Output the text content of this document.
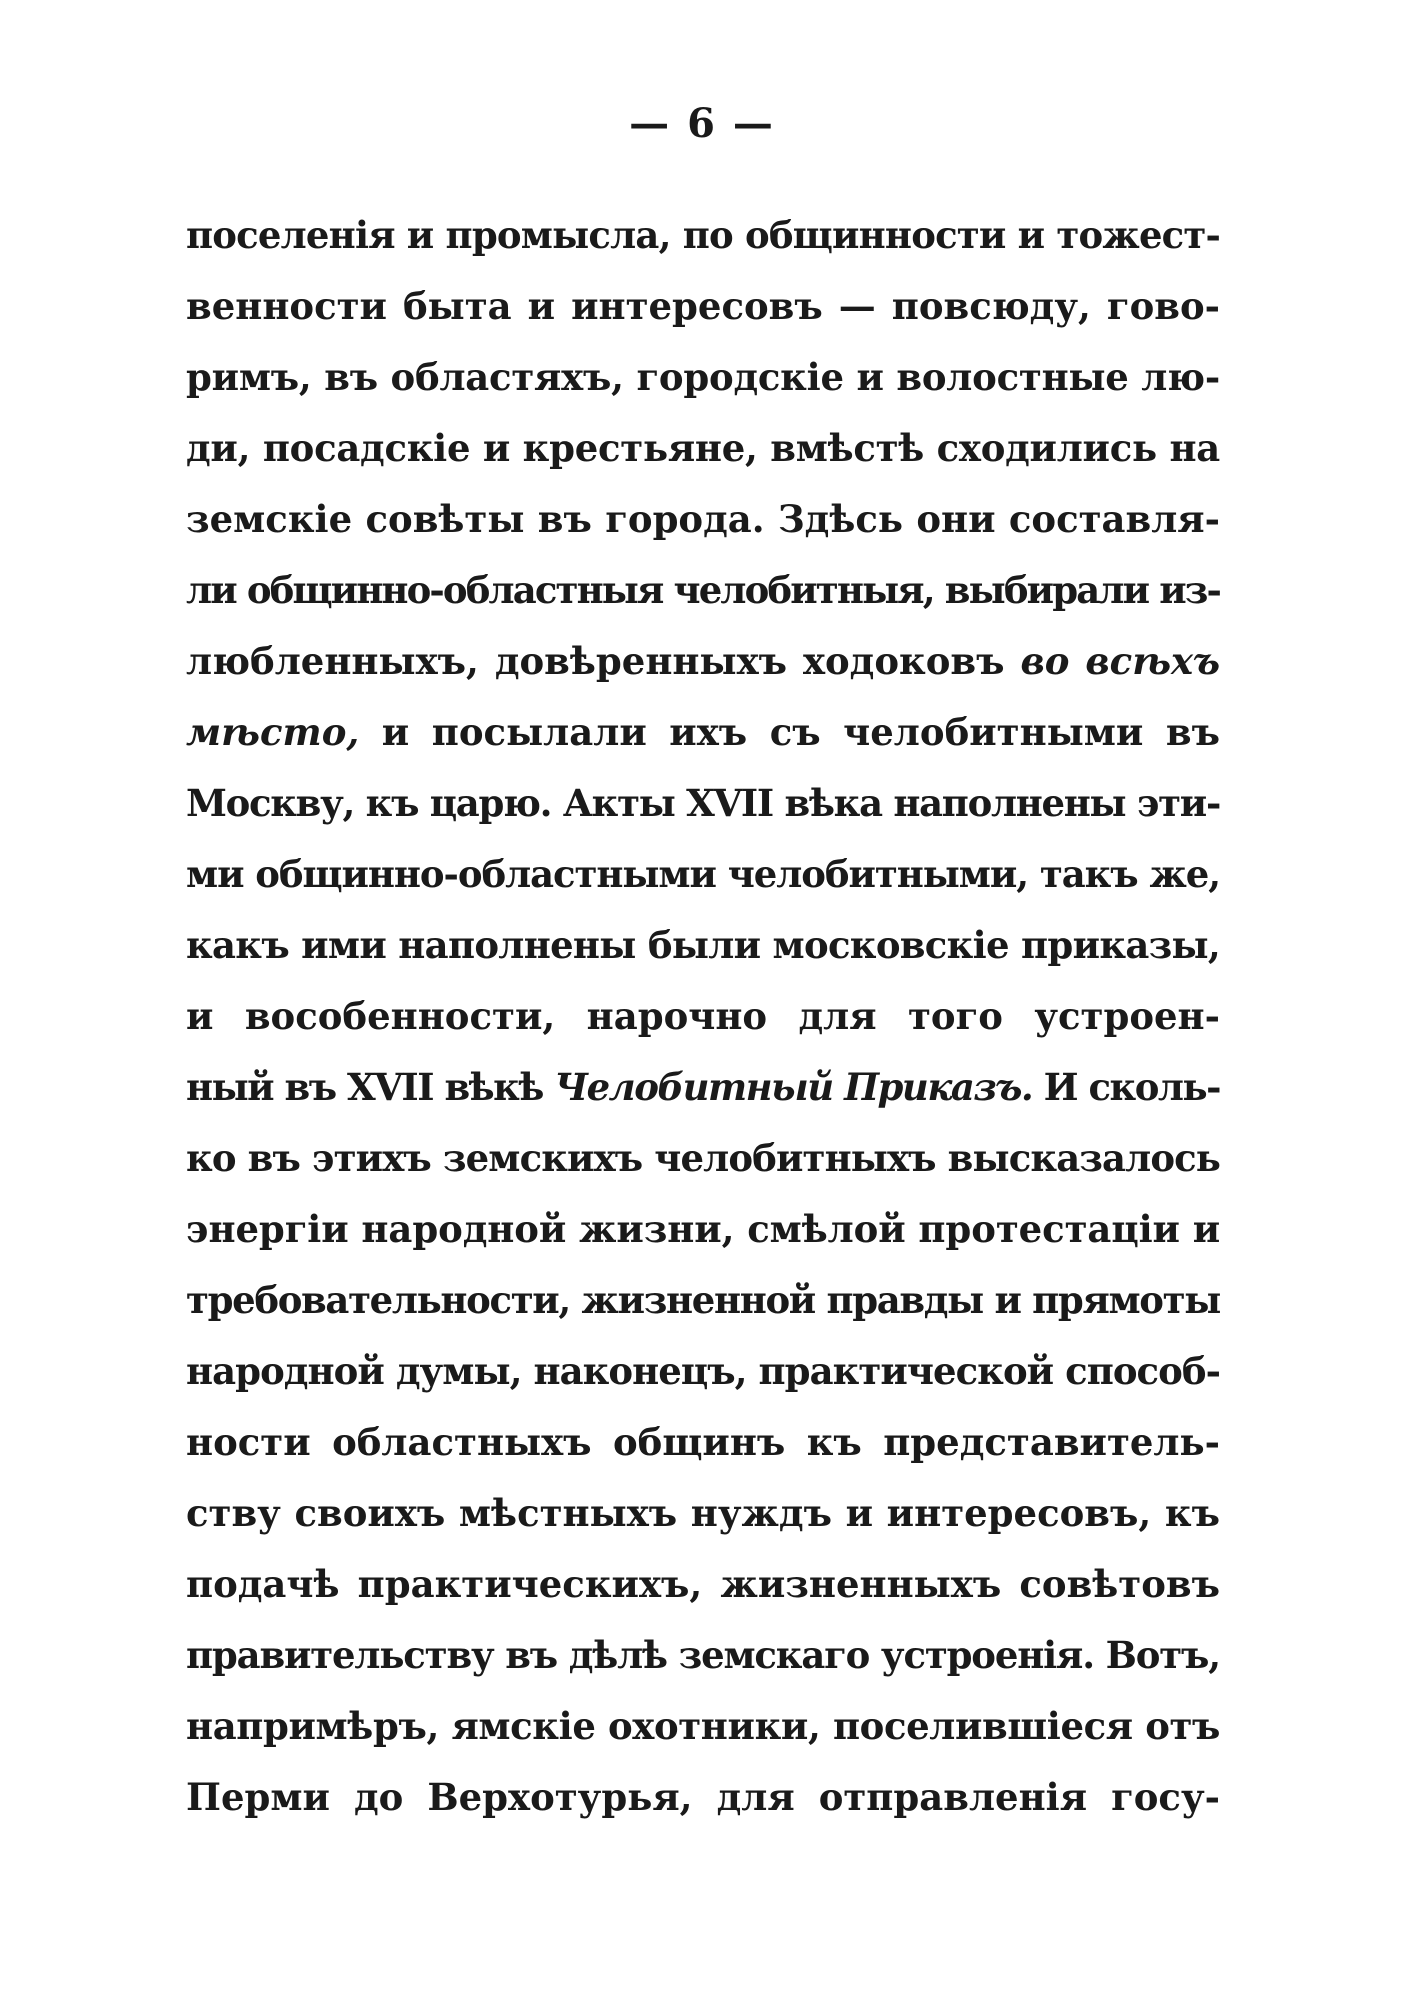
— 6 —
поселенія и промысла, по общинности и тожест-
венности быта и интересовъ — повсюду, гово-
римъ, въ областяхъ, городскіе и волостные лю-
ди, посадскіе и крестьяне, вмѣстѣ сходились на
земскіе совѣты въ города. Здѣсь они составля-
ли общинно-областныя челобитныя, выбирали из-
любленныхъ, довѣренныхъ ходоковъ во всѣхъ
мѣсто, и посылали ихъ съ челобитными въ
Москву, къ царю. Акты XVII вѣка наполнены эти-
ми общинно-областными челобитными, такъ же,
какъ ими наполнены были московскіе приказы,
и вособенности, нарочно для того устроен-
ный въ XVII вѣкѣ Челобитный Приказъ. И сколь-
ко въ этихъ земскихъ челобитныхъ высказалось
энергіи народной жизни, смѣлой протестаціи и
требовательности, жизненной правды и прямоты
народной думы, наконецъ, практической способ-
ности областныхъ общинъ къ представитель-
ству своихъ мѣстныхъ нуждъ и интересовъ, къ
подачѣ практическихъ, жизненныхъ совѣтовъ
правительству въ дѣлѣ земскаго устроенія. Вотъ,
напримѣръ, ямскіе охотники, поселившіеся отъ
Перми до Верхотурья, для отправленія госу-
